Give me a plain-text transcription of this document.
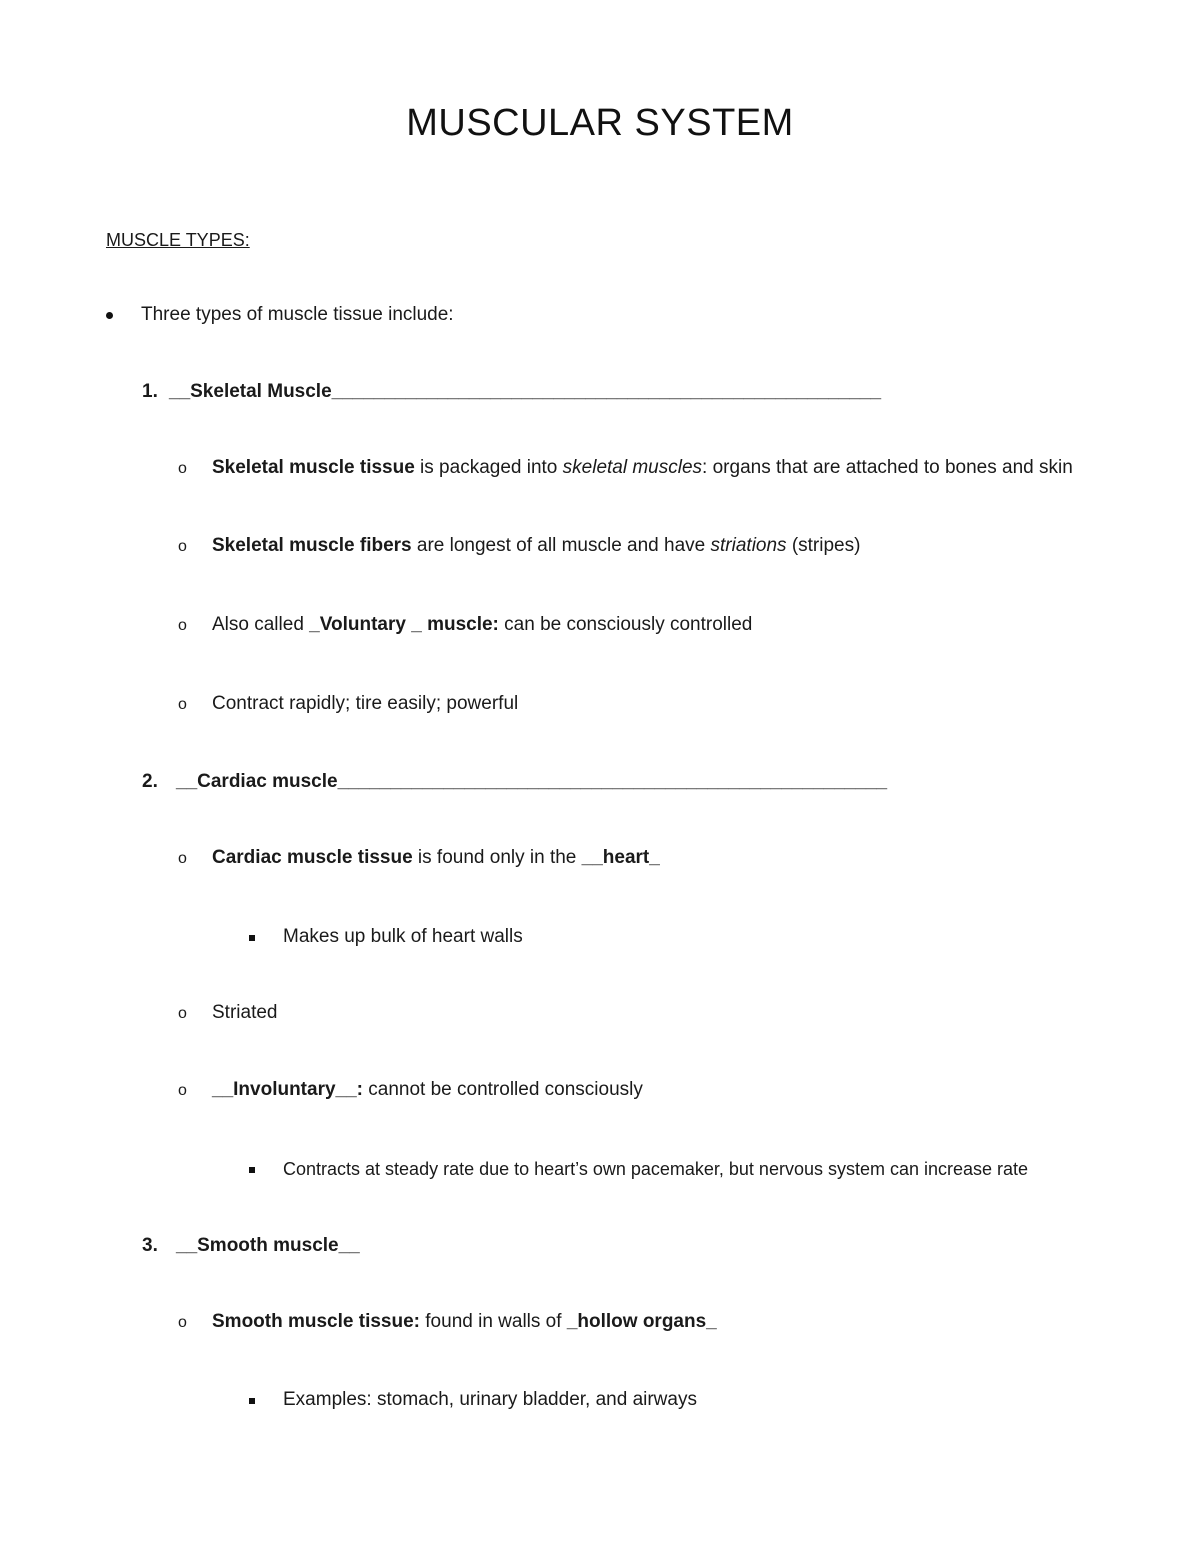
MUSCULAR SYSTEM
MUSCLE TYPES:
Three types of muscle tissue include:
1. __Skeletal Muscle____________________________________________________
o Skeletal muscle tissue is packaged into skeletal muscles: organs that are attached to bones and skin
o Skeletal muscle fibers are longest of all muscle and have striations (stripes)
o Also called _Voluntary _ muscle: can be consciously controlled
o Contract rapidly; tire easily; powerful
2. __Cardiac muscle____________________________________________________
o Cardiac muscle tissue is found only in the __heart_
Makes up bulk of heart walls
o Striated
o __Involuntary__: cannot be controlled consciously
Contracts at steady rate due to heart’s own pacemaker, but nervous system can increase rate
3. __Smooth muscle__
o Smooth muscle tissue: found in walls of _hollow organs_
Examples: stomach, urinary bladder, and airways
